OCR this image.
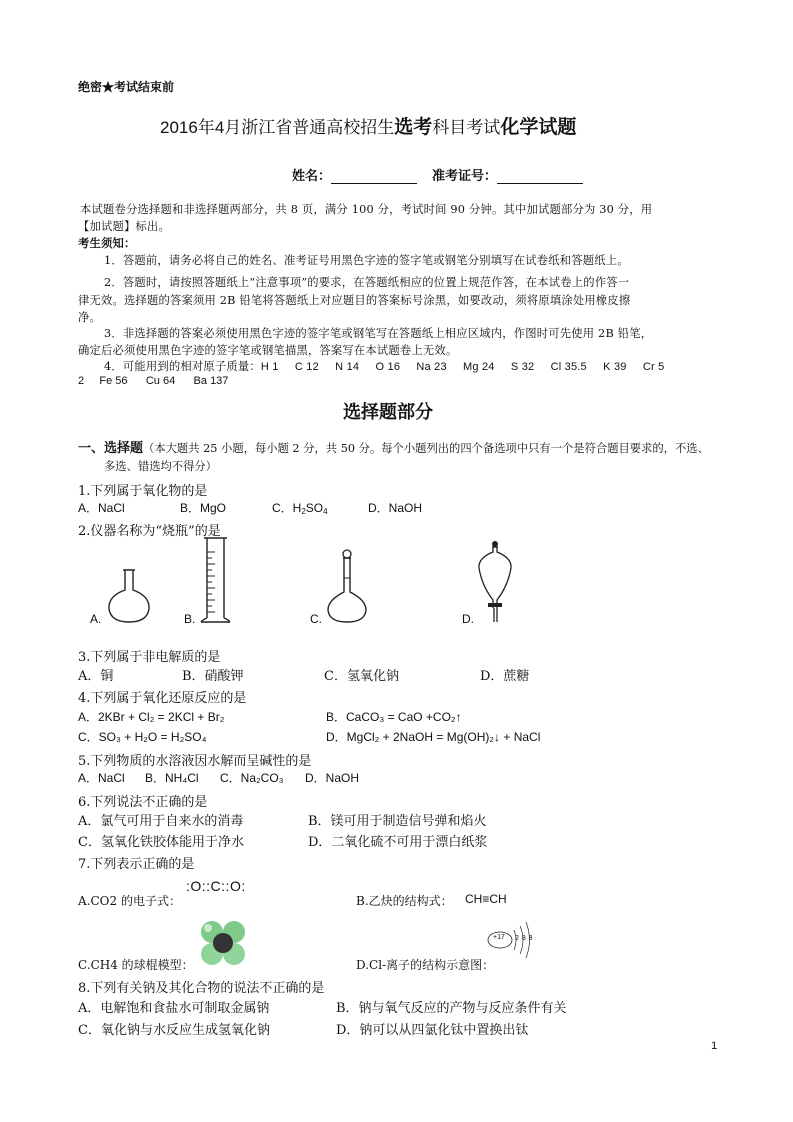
绝密★考试结束前
2016年4月浙江省普通高校招生选考科目考试化学试题
姓名：	准考证号：
本试题卷分选择题和非选择题两部分，共 8 页，满分 100 分，考试时间 90 分钟。其中加试题部分为 30 分，用
【加试题】标出。
考生须知：
1．答题前，请务必将自己的姓名、准考证号用黑色字迹的签字笔或钢笔分别填写在试卷纸和答题纸上。
2．答题时，请按照答题纸上“注意事项”的要求，在答题纸相应的位置上规范作答，在本试卷上的作答一
律无效。选择题的答案须用 2B 铅笔将答题纸上对应题目的答案标号涂黑，如要改动，须将原填涂处用橡皮擦
净。
3．非选择题的答案必须使用黑色字迹的签字笔或钢笔写在答题纸上相应区域内，作图时可先使用 2B 铅笔，
确定后必须使用黑色字迹的签字笔或钢笔描黑，答案写在本试题卷上无效。
4．可能用到的相对原子质量：H 1     C 12     N 14     O 16     Na 23     Mg 24     S 32     Cl 35.5     K 39     Cr 5
2     Fe 56      Cu 64      Ba 137
选择题部分
一、选择题（本大题共 25 小题，每小题 2 分，共 50 分。每个小题列出的四个备选项中只有一个是符合题目要求的，不选、
多选、错选均不得分）
1.下列属于氧化物的是
A．NaCl	B．MgO	C．$H_2SO_4$	D．NaOH
2.仪器名称为“烧瓶”的是
A.	B.	C.	D.
3.下列属于非电解质的是
A．铜	B．硝酸钾	C．氢氧化钠	D．蔗糖
4.下列属于氧化还原反应的是
A．2KBr + Cl₂ = 2KCl + Br₂	B．CaCO₃ = CaO +CO₂↑
C．SO₃ + H₂O = H₂SO₄	D．MgCl₂ + 2NaOH = Mg(OH)₂↓ + NaCl
5.下列物质的水溶液因水解而呈碱性的是
A．NaCl B．NH₄Cl C．Na₂CO₃ D．NaOH
6.下列说法不正确的是
A．氯气可用于自来水的消毒	B．镁可用于制造信号弹和焰火
C．氢氧化铁胶体能用于净水	D．二氧化硫不可用于漂白纸浆
7.下列表示正确的是
A.CO2 的电子式：
:O::C::O:
B.乙炔的结构式： CH≡CH
C.CH4 的球棍模型：
+17 2 8 8
D.Cl-离子的结构示意图：
8.下列有关钠及其化合物的说法不正确的是
A．电解饱和食盐水可制取金属钠	B．钠与氧气反应的产物与反应条件有关
C．氧化钠与水反应生成氢氧化钠	D．钠可以从四氯化钛中置换出钛
1
